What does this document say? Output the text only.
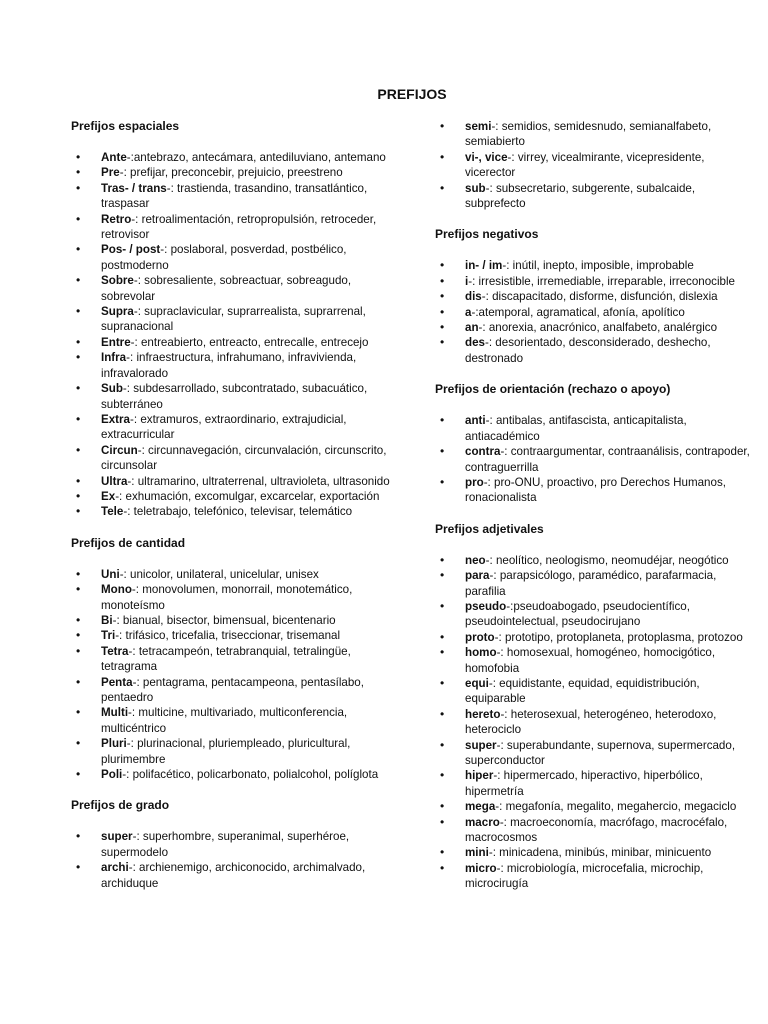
PREFIJOS
Prefijos espaciales
• Ante-:antebrazo, antecámara, antediluviano, antemano
• Pre-: prefijar, preconcebir, prejuicio, preestreno
• Tras- / trans-: trastienda, trasandino, transatlántico, traspasar
• Retro-: retroalimentación, retropropulsión, retroceder, retrovisor
• Pos- / post-: poslaboral, posverdad, postbélico, postmoderno
• Sobre-: sobresaliente, sobreactuar, sobreagudo, sobrevolar
• Supra-: supraclavicular, suprarrealista, suprarrenal, supranacional
• Entre-: entreabierto, entreacto, entrecalle, entrecejo
• Infra-: infraestructura, infrahumano, infravivienda, infravalorado
• Sub-: subdesarrollado, subcontratado, subacuático, subterráneo
• Extra-: extramuros, extraordinario, extrajudicial, extracurricular
• Circun-: circunnavegación, circunvalación, circunscrito, circunsolar
• Ultra-: ultramarino, ultraterrenal, ultravioleta, ultrasonido
• Ex-: exhumación, excomulgar, excarcelar, exportación
• Tele-: teletrabajo, telefónico, televisar, telemático
Prefijos de cantidad
• Uni-: unicolor, unilateral, unicelular, unisex
• Mono-: monovolumen, monorrail, monotemático, monoteísmo
• Bi-: bianual, bisector, bimensual, bicentenario
• Tri-: trifásico, tricefalia, triseccionar, trisemanal
• Tetra-: tetracampeón, tetrabranquial, tetralingüe, tetragrama
• Penta-: pentagrama, pentacampeona, pentasílabo, pentaedro
• Multi-: multicine, multivariado, multiconferencia, multicéntrico
• Pluri-: plurinacional, pluriempleado, pluricultural, plurimembre
• Poli-: polifacético, policarbonato, polialcohol, políglota
Prefijos de grado
• super-: superhombre, superanimal, superhéroe, supermodelo
• archi-: archienemigo, archiconocido, archimalvado, archiduque
• semi-: semidios, semidesnudo, semianalfabeto, semiabierto
• vi-, vice-: virrey, vicealmirante, vicepresidente, vicerector
• sub-: subsecretario, subgerente, subalcaide, subprefecto
Prefijos negativos
• in- / im-: inútil, inepto, imposible, improbable
• i-: irresistible, irremediable, irreparable, irreconocible
• dis-: discapacitado, disforme, disfunción, dislexia
• a-:atemporal, agramatical, afonía, apolítico
• an-: anorexia, anacrónico, analfabeto, analérgico
• des-: desorientado, desconsiderado, deshecho, destronado
Prefijos de orientación (rechazo o apoyo)
• anti-: antibalas, antifascista, anticapitalista, antiacadémico
• contra-: contraargumentar, contraanálisis, contrapoder, contraguerrilla
• pro-: pro-ONU, proactivo, pro Derechos Humanos, ronacionalista
Prefijos adjetivales
• neo-: neolítico, neologismo, neomudéjar, neogótico
• para-: parapsicólogo, paramédico, parafarmacia, parafilia
• pseudo-:pseudoabogado, pseudocientífico, pseudointelectual, pseudocirujano
• proto-: prototipo, protoplaneta, protoplasma, protozoo
• homo-: homosexual, homogéneo, homocigótico, homofobia
• equi-: equidistante, equidad, equidistribución, equiparable
• hereto-: heterosexual, heterogéneo, heterodoxo, heterociclo
• super-: superabundante, supernova, supermercado, superconductor
• hiper-: hipermercado, hiperactivo, hiperbólico, hipermetría
• mega-: megafonía, megalito, megahercio, megaciclo
• macro-: macroeconomía, macrófago, macrocéfalo, macrocosmos
• mini-: minicadena, minibús, minibar, minicuento
• micro-: microbiología, microcefalia, microchip, microcirugía
